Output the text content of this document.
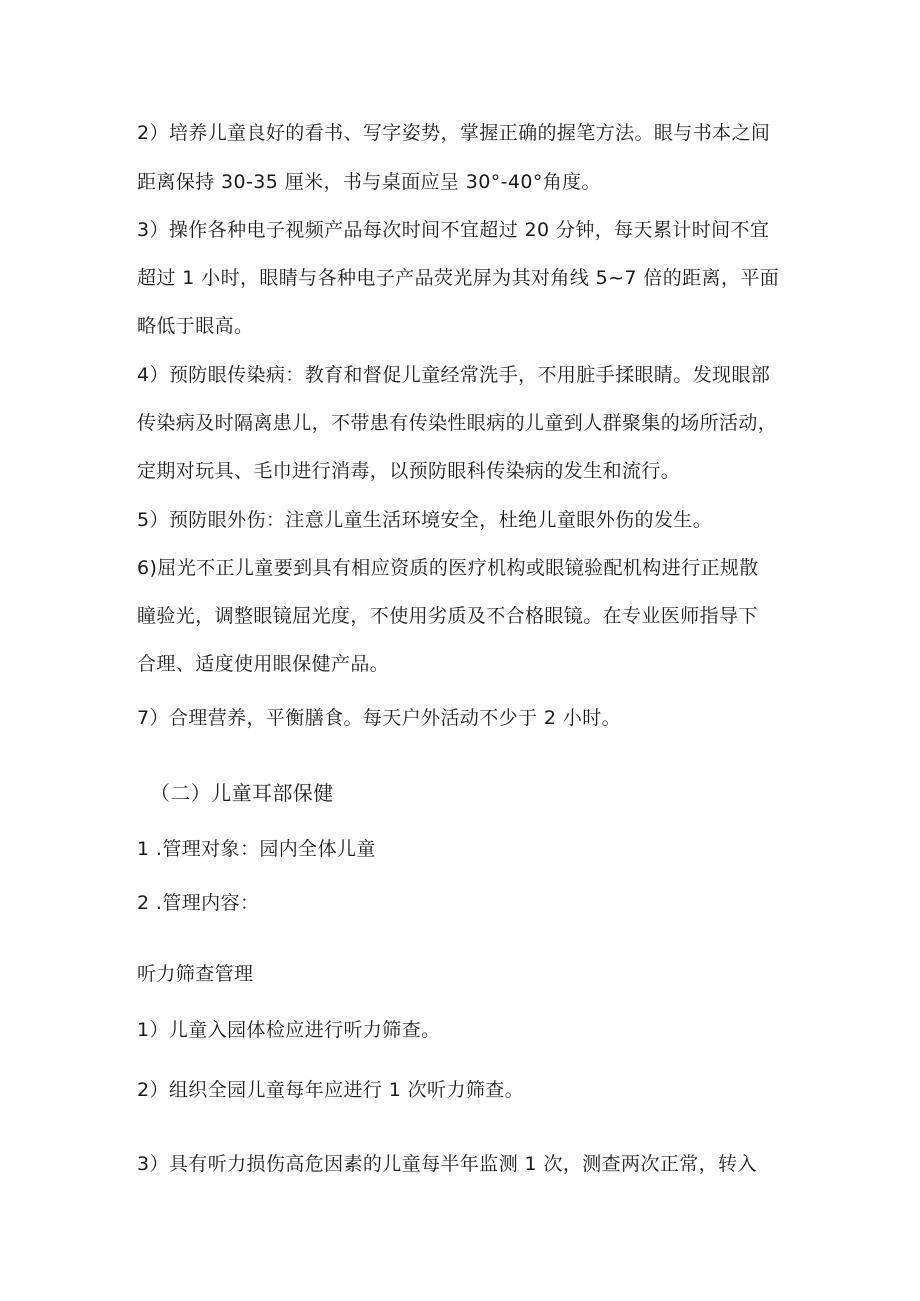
2）培养儿童良好的看书、写字姿势，掌握正确的握笔方法。眼与书本之间
距离保持 30-35 厘米，书与桌面应呈 30°-40°角度。
3）操作各种电子视频产品每次时间不宜超过 20 分钟，每天累计时间不宜
超过 1 小时，眼睛与各种电子产品荧光屏为其对角线 5~7 倍的距离，平面
略低于眼高。
4）预防眼传染病：教育和督促儿童经常洗手，不用脏手揉眼睛。发现眼部
传染病及时隔离患儿，不带患有传染性眼病的儿童到人群聚集的场所活动，
定期对玩具、毛巾进行消毒，以预防眼科传染病的发生和流行。
5）预防眼外伤：注意儿童生活环境安全，杜绝儿童眼外伤的发生。
6)屈光不正儿童要到具有相应资质的医疗机构或眼镜验配机构进行正规散
瞳验光，调整眼镜屈光度，不使用劣质及不合格眼镜。在专业医师指导下
合理、适度使用眼保健产品。
7）合理营养，平衡膳食。每天户外活动不少于 2 小时。
（二）儿童耳部保健
1 .管理对象：园内全体儿童
2 .管理内容：
听力筛查管理
1）儿童入园体检应进行听力筛查。
2）组织全园儿童每年应进行 1 次听力筛查。
3）具有听力损伤高危因素的儿童每半年监测 1 次，测查两次正常，转入
